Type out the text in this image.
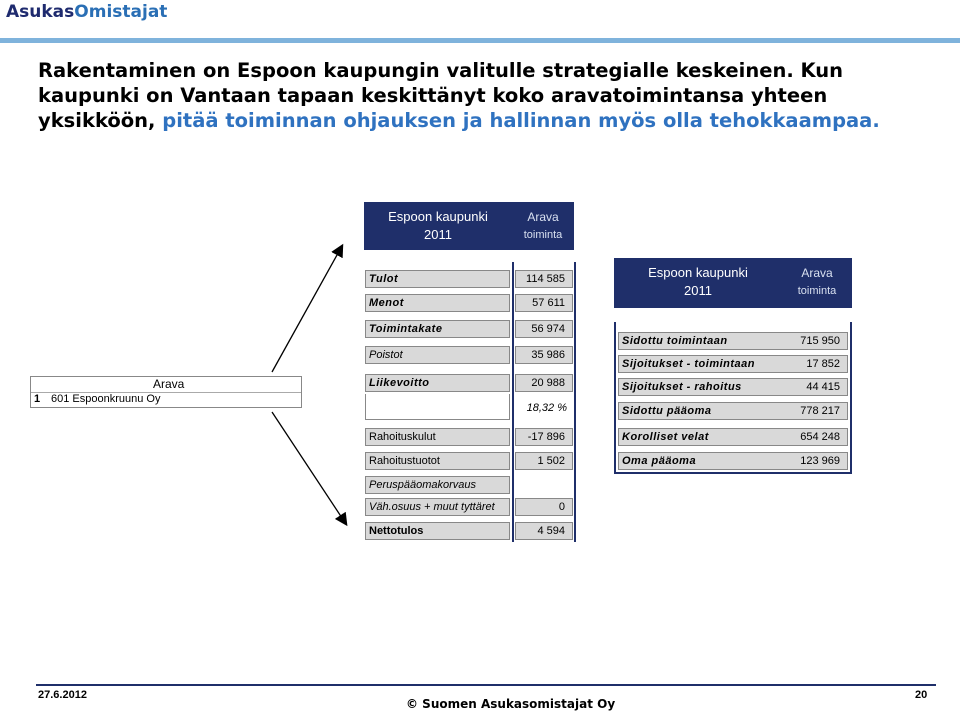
AsukasOmistajat
Rakentaminen on Espoon kaupungin valitulle strategialle keskeinen. Kun kaupunki on Vantaan tapaan keskittänyt koko aravatoimintansa yhteen yksikköön, pitää toiminnan ohjauksen ja hallinnan myös olla tehokkaampaa.
Arava
1 601 Espoonkruunu Oy
Espoon kaupunki
2011
Arava
toiminta
Tulot	114 585
Menot	57 611
Toimintakate	56 974
Poistot	35 986
Liikevoitto	20 988
18,32 %
Rahoituskulut	-17 896
Rahoitustuotot	1 502
Peruspääomakorvaus
Väh.osuus + muut tyttäret	0
Nettotulos	4 594
Espoon kaupunki
2011
Arava
toiminta
Sidottu toimintaan	715 950
Sijoitukset - toimintaan	17 852
Sijoitukset - rahoitus	44 415
Sidottu pääoma	778 217
Korolliset velat	654 248
Oma pääoma	123 969
27.6.2012
© Suomen Asukasomistajat Oy
20
